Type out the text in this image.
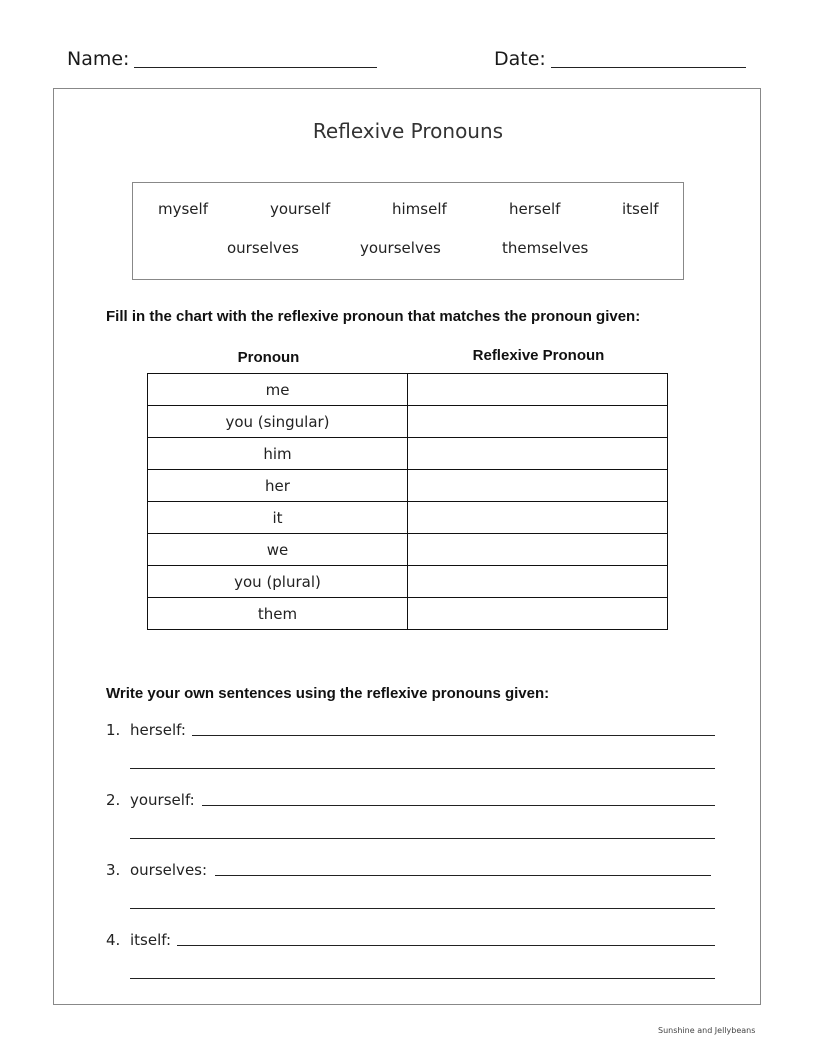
Name:	Date:
Reflexive Pronouns
myself	yourself	himself	herself	itself
ourselves	yourselves	themselves
Fill in the chart with the reflexive pronoun that matches the pronoun given:
Pronoun	Reflexive Pronoun
me	
you (singular)	
him	
her	
it	
we	
you (plural)	
them	
Write your own sentences using the reflexive pronouns given:
1. herself:
2. yourself:
3. ourselves:
4. itself:
Sunshine and Jellybeans
